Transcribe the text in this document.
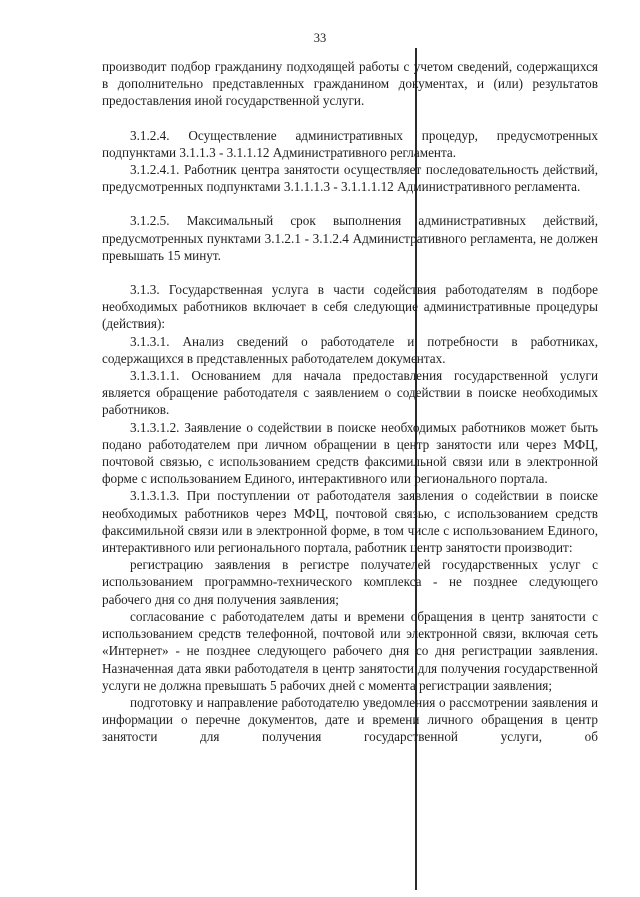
33

производит подбор гражданину подходящей работы с учетом сведений, содержащихся в дополнительно представленных гражданином документах, и (или) результатов предоставления иной государственной услуги.

3.1.2.4. Осуществление административных процедур, предусмотренных подпунктами 3.1.1.3 - 3.1.1.12 Административного регламента.

3.1.2.4.1. Работник центра занятости осуществляет последовательность действий, предусмотренных подпунктами 3.1.1.1.3 - 3.1.1.1.12 Административного регламента.

3.1.2.5. Максимальный срок выполнения административных действий, предусмотренных пунктами 3.1.2.1 - 3.1.2.4 Административного регламента, не должен превышать 15 минут.

3.1.3. Государственная услуга в части содействия работодателям в подборе необходимых работников включает в себя следующие административные процедуры (действия):

3.1.3.1. Анализ сведений о работодателе и потребности в работниках, содержащихся в представленных работодателем документах.

3.1.3.1.1. Основанием для начала предоставления государственной услуги является обращение работодателя с заявлением о содействии в поиске необходимых работников.

3.1.3.1.2. Заявление о содействии в поиске необходимых работников может быть подано работодателем при личном обращении в центр занятости или через МФЦ, почтовой связью, с использованием средств факсимильной связи или в электронной форме с использованием Единого, интерактивного или регионального портала.

3.1.3.1.3. При поступлении от работодателя заявления о содействии в поиске необходимых работников через МФЦ, почтовой связью, с использованием средств факсимильной связи или в электронной форме, в том числе с использованием Единого, интерактивного или регионального портала, работник центр занятости производит:

регистрацию заявления в регистре получателей государственных услуг с использованием программно-технического комплекса - не позднее следующего рабочего дня со дня получения заявления;

согласование с работодателем даты и времени обращения в центр занятости с использованием средств телефонной, почтовой или электронной связи, включая сеть «Интернет» - не позднее следующего рабочего дня со дня регистрации заявления. Назначенная дата явки работодателя в центр занятости для получения государственной услуги не должна превышать 5 рабочих дней с момента регистрации заявления;

подготовку и направление работодателю уведомления о рассмотрении заявления и информации о перечне документов, дате и времени личного обращения в центр занятости для получения государственной услуги, об
